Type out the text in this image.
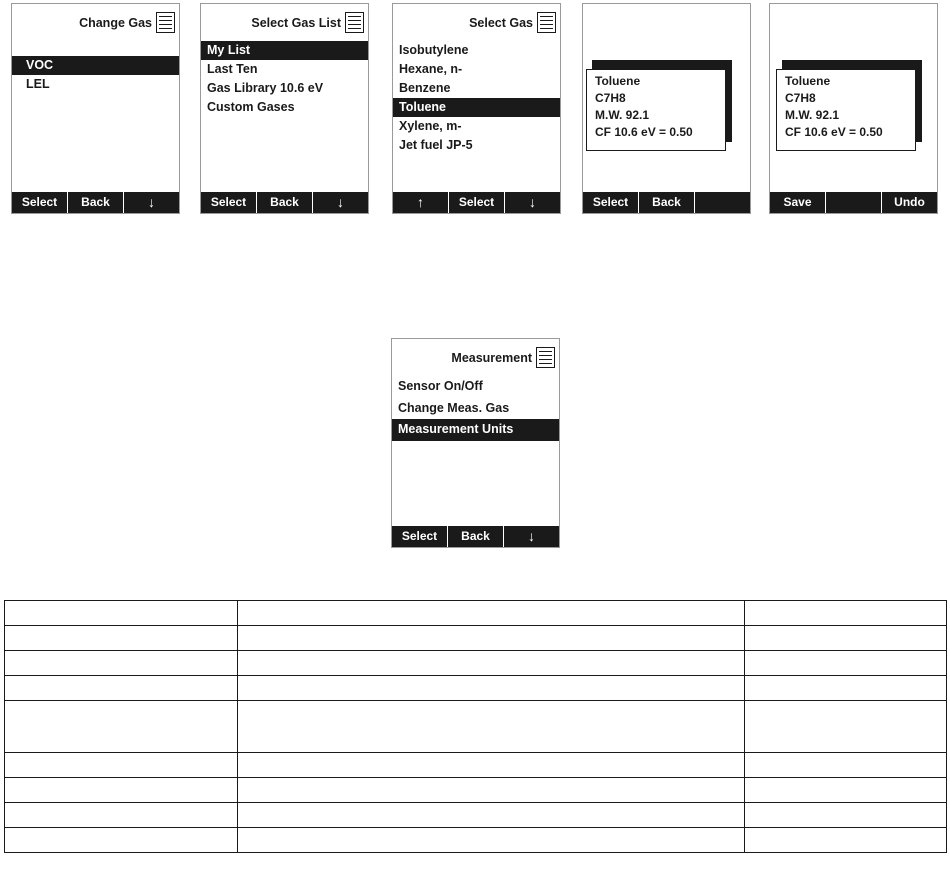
Change Gas
VOC
LEL
Select	Back	↓
Select Gas List
My List
Last Ten
Gas Library 10.6 eV
Custom Gases
Select	Back	↓
Select Gas
Isobutylene
Hexane, n-
Benzene
Toluene
Xylene, m-
Jet fuel JP-5
↑	Select	↓
Toluene
C7H8
M.W. 92.1
CF 10.6 eV = 0.50
Select	Back
Toluene
C7H8
M.W. 92.1
CF 10.6 eV = 0.50
Save	Undo
Measurement
Sensor On/Off
Change Meas. Gas
Measurement Units
Select	Back	↓
